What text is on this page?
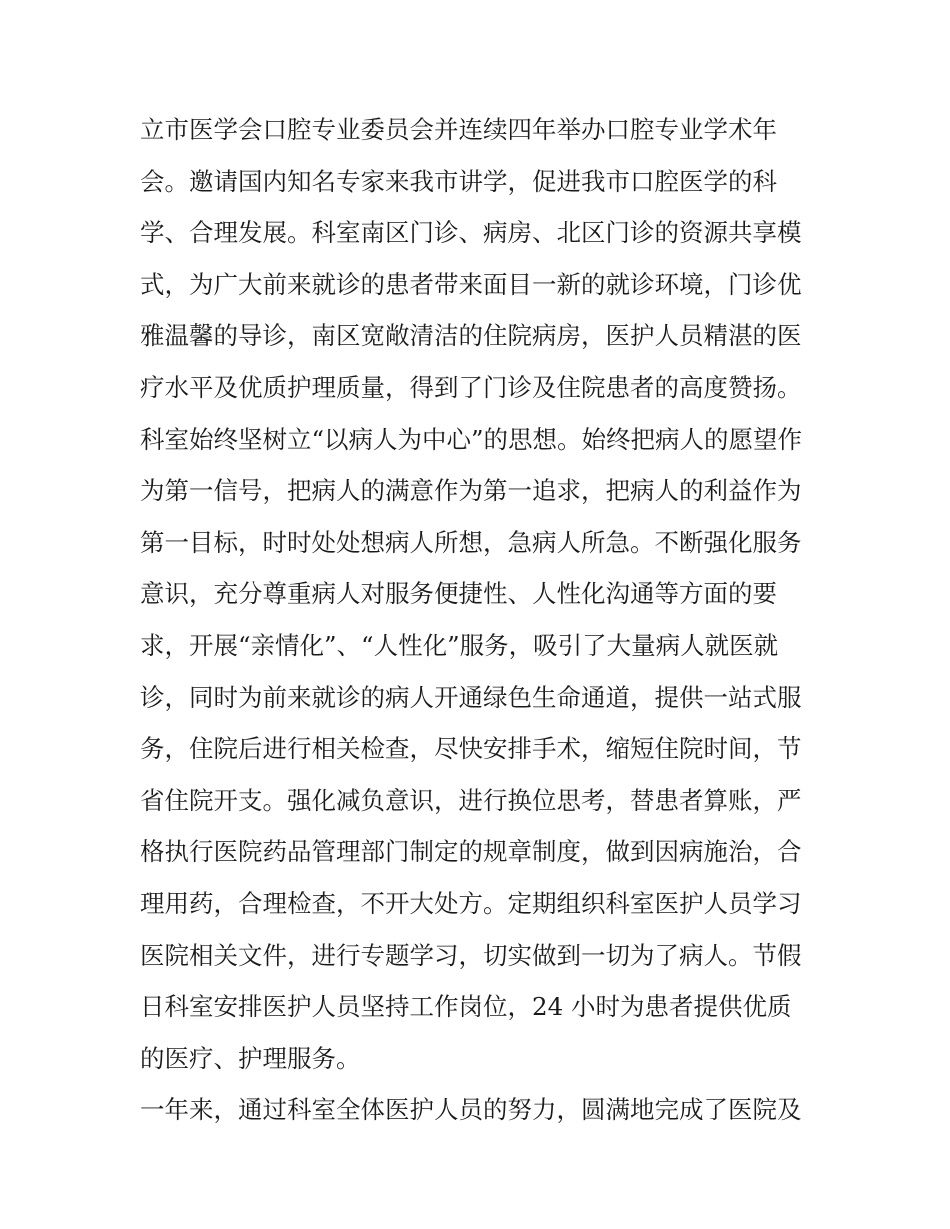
立市医学会口腔专业委员会并连续四年举办口腔专业学术年
会。邀请国内知名专家来我市讲学，促进我市口腔医学的科
学、合理发展。科室南区门诊、病房、北区门诊的资源共享模
式，为广大前来就诊的患者带来面目一新的就诊环境，门诊优
雅温馨的导诊，南区宽敞清洁的住院病房，医护人员精湛的医
疗水平及优质护理质量，得到了门诊及住院患者的高度赞扬。
科室始终坚树立“以病人为中心”的思想。始终把病人的愿望作
为第一信号，把病人的满意作为第一追求，把病人的利益作为
第一目标，时时处处想病人所想，急病人所急。不断强化服务
意识，充分尊重病人对服务便捷性、人性化沟通等方面的要
求，开展“亲情化”、“人性化”服务，吸引了大量病人就医就
诊，同时为前来就诊的病人开通绿色生命通道，提供一站式服
务，住院后进行相关检查，尽快安排手术，缩短住院时间，节
省住院开支。强化减负意识，进行换位思考，替患者算账，严
格执行医院药品管理部门制定的规章制度，做到因病施治，合
理用药，合理检查，不开大处方。定期组织科室医护人员学习
医院相关文件，进行专题学习，切实做到一切为了病人。节假
日科室安排医护人员坚持工作岗位，24 小时为患者提供优质
的医疗、护理服务。
一年来，通过科室全体医护人员的努力，圆满地完成了医院及
